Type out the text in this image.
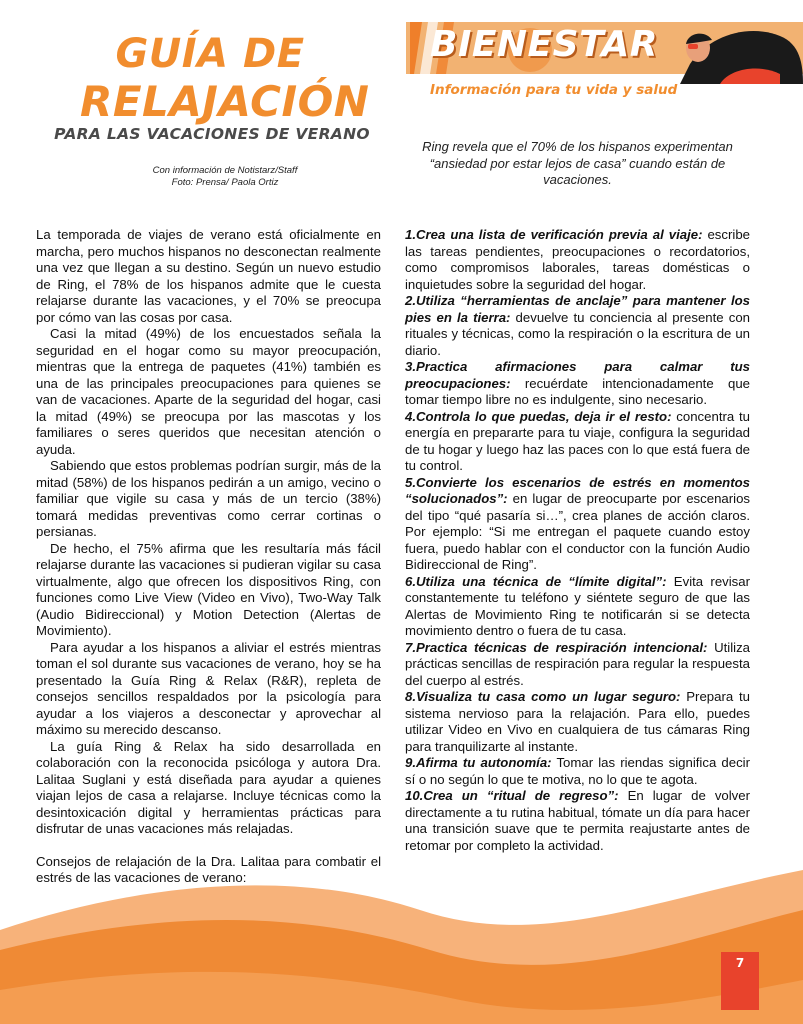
GUÍA DE
RELAJACIÓN
PARA LAS VACACIONES DE VERANO
Con información de Notistarz/Staff
Foto: Prensa/ Paola Ortiz
BIENESTAR
Información para tu vida y salud
Ring revela que el 70% de los hispanos experimentan “ansiedad por estar lejos de casa” cuando están de vacaciones.

La temporada de viajes de verano está oficialmente en marcha, pero muchos hispanos no desconectan realmente una vez que llegan a su destino. Según un nuevo estudio de Ring, el 78% de los hispanos admite que le cuesta relajarse durante las vacaciones, y el 70% se preocupa por cómo van las cosas por casa.

Casi la mitad (49%) de los encuestados señala la seguridad en el hogar como su mayor preocupación, mientras que la entrega de paquetes (41%) también es una de las principales preocupaciones para quienes se van de vacaciones. Aparte de la seguridad del hogar, casi la mitad (49%) se preocupa por las mascotas y los familiares o seres queridos que necesitan atención o ayuda.

Sabiendo que estos problemas podrían surgir, más de la mitad (58%) de los hispanos pedirán a un amigo, vecino o familiar que vigile su casa y más de un tercio (38%) tomará medidas preventivas como cerrar cortinas o persianas.

De hecho, el 75% afirma que les resultaría más fácil relajarse durante las vacaciones si pudieran vigilar su casa virtualmente, algo que ofrecen los dispositivos Ring, con funciones como Live View (Video en Vivo), Two-Way Talk (Audio Bidireccional) y Motion Detection (Alertas de Movimiento).

Para ayudar a los hispanos a aliviar el estrés mientras toman el sol durante sus vacaciones de verano, hoy se ha presentado la Guía Ring & Relax (R&R), repleta de consejos sencillos respaldados por la psicología para ayudar a los viajeros a desconectar y aprovechar al máximo su merecido descanso.

La guía Ring & Relax ha sido desarrollada en colaboración con la reconocida psicóloga y autora Dra. Lalitaa Suglani y está diseñada para ayudar a quienes viajan lejos de casa a relajarse. Incluye técnicas como la desintoxicación digital y herramientas prácticas para disfrutar de unas vacaciones más relajadas.

Consejos de relajación de la Dra. Lalitaa para combatir el estrés de las vacaciones de verano:

1.Crea una lista de verificación previa al viaje: escribe las tareas pendientes, preocupaciones o recordatorios, como compromisos laborales, tareas domésticas o inquietudes sobre la seguridad del hogar.

2.Utiliza “herramientas de anclaje” para mantener los pies en la tierra: devuelve tu conciencia al presente con rituales y técnicas, como la respiración o la escritura de un diario.

3.Practica afirmaciones para calmar tus preocupaciones: recuérdate intencionadamente que tomar tiempo libre no es indulgente, sino necesario.

4.Controla lo que puedas, deja ir el resto: concentra tu energía en prepararte para tu viaje, configura la seguridad de tu hogar y luego haz las paces con lo que está fuera de tu control.

5.Convierte los escenarios de estrés en momentos “solucionados”: en lugar de preocuparte por escenarios del tipo “qué pasaría si…”, crea planes de acción claros. Por ejemplo: “Si me entregan el paquete cuando estoy fuera, puedo hablar con el conductor con la función Audio Bidireccional de Ring”.

6.Utiliza una técnica de “límite digital”: Evita revisar constantemente tu teléfono y siéntete seguro de que las Alertas de Movimiento Ring te notificarán si se detecta movimiento dentro o fuera de tu casa.

7.Practica técnicas de respiración intencional: Utiliza prácticas sencillas de respiración para regular la respuesta del cuerpo al estrés.

8.Visualiza tu casa como un lugar seguro: Prepara tu sistema nervioso para la relajación. Para ello, puedes utilizar Video en Vivo en cualquiera de tus cámaras Ring para tranquilizarte al instante.

9.Afirma tu autonomía: Tomar las riendas significa decir sí o no según lo que te motiva, no lo que te agota.

10.Crea un “ritual de regreso”: En lugar de volver directamente a tu rutina habitual, tómate un día para hacer una transición suave que te permita reajustarte antes de retomar por completo la actividad.

7
